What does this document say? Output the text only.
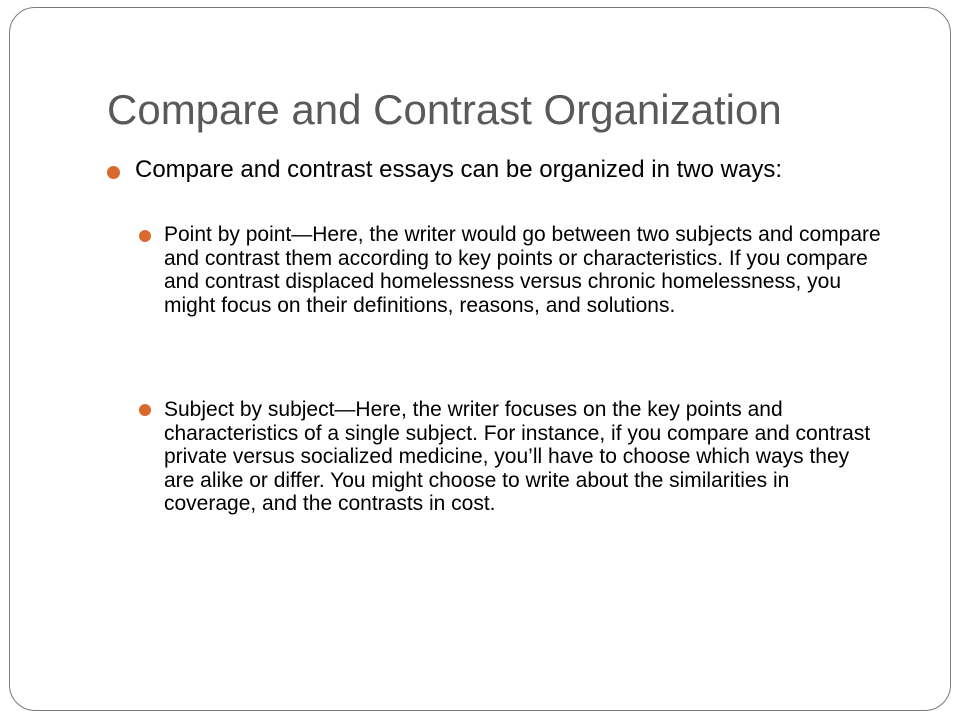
Compare and Contrast Organization

Compare and contrast essays can be organized in two ways:

Point by point—Here, the writer would go between two subjects and compare and contrast them according to key points or characteristics. If you compare and contrast displaced homelessness versus chronic homelessness, you might focus on their definitions, reasons, and solutions.

Subject by subject—Here, the writer focuses on the key points and characteristics of a single subject. For instance, if you compare and contrast private versus socialized medicine, you’ll have to choose which ways they are alike or differ. You might choose to write about the similarities in coverage, and the contrasts in cost.
